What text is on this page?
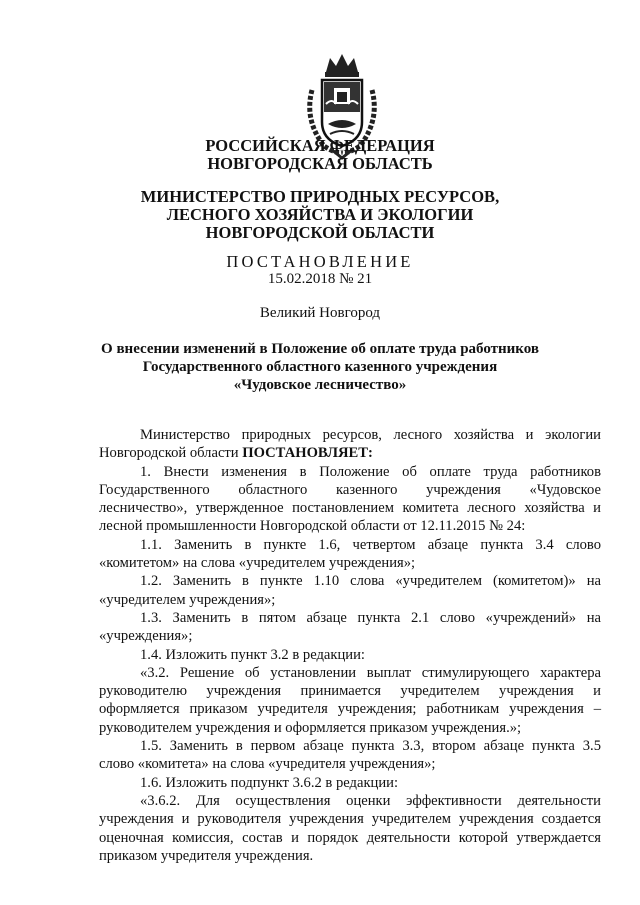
РОССИЙСКАЯ ФЕДЕРАЦИЯ
НОВГОРОДСКАЯ ОБЛАСТЬ
МИНИСТЕРСТВО ПРИРОДНЫХ РЕСУРСОВ,
ЛЕСНОГО ХОЗЯЙСТВА И ЭКОЛОГИИ
НОВГОРОДСКОЙ ОБЛАСТИ
ПОСТАНОВЛЕНИЕ
15.02.2018 № 21
Великий Новгород
О внесении изменений в Положение об оплате труда работников
Государственного областного казенного учреждения
«Чудовское лесничество»
Министерство природных ресурсов, лесного хозяйства и экологии
Новгородской области ПОСТАНОВЛЯЕТ:
1. Внести изменения в Положение об оплате труда работников
Государственного областного казенного учреждения «Чудовское
лесничество», утвержденное постановлением комитета лесного хозяйства и
лесной промышленности Новгородской области от 12.11.2015 № 24:
1.1. Заменить в пункте 1.6, четвертом абзаце пункта 3.4 слово
«комитетом» на слова «учредителем учреждения»;
1.2. Заменить в пункте 1.10 слова «учредителем (комитетом)» на
«учредителем учреждения»;
1.3. Заменить в пятом абзаце пункта 2.1 слово «учреждений» на
«учреждения»;
1.4. Изложить пункт 3.2 в редакции:
«3.2. Решение об установлении выплат стимулирующего характера
руководителю учреждения принимается учредителем учреждения и
оформляется приказом учредителя учреждения; работникам учреждения –
руководителем учреждения и оформляется приказом учреждения.»;
1.5. Заменить в первом абзаце пункта 3.3, втором абзаце пункта 3.5
слово «комитета» на слова «учредителя учреждения»;
1.6. Изложить подпункт 3.6.2 в редакции:
«3.6.2. Для осуществления оценки эффективности деятельности
учреждения и руководителя учреждения учредителем учреждения создается
оценочная комиссия, состав и порядок деятельности которой утверждается
приказом учредителя учреждения.
